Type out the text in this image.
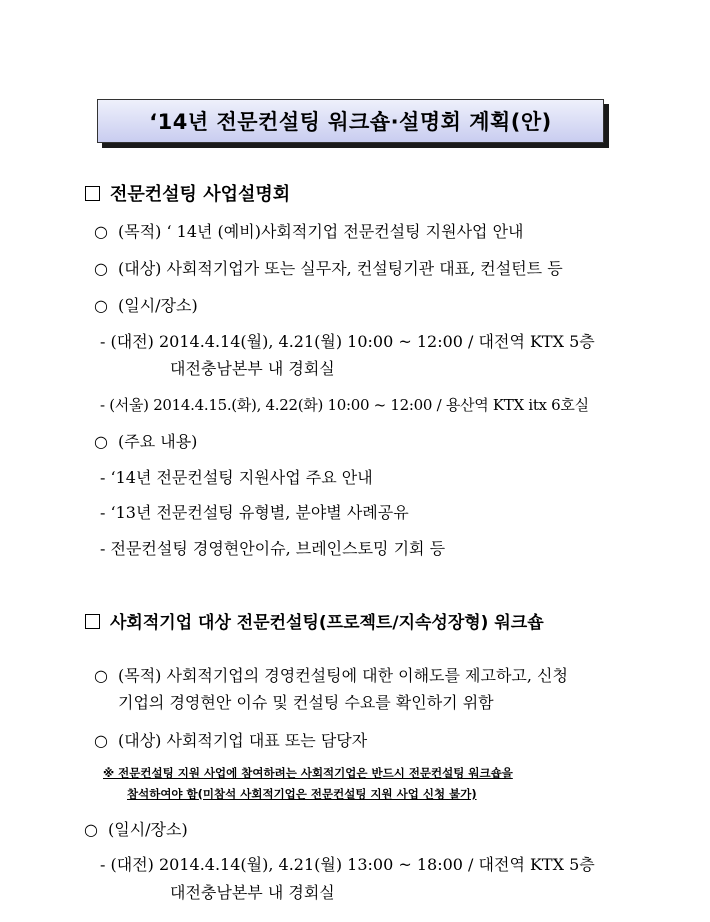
‘14년 전문컨설팅 워크숍·설명회 계획(안)
전문컨설팅 사업설명회
○ (목적) ‘ 14년 (예비)사회적기업 전문컨설팅 지원사업 안내
○ (대상) 사회적기업가 또는 실무자, 컨설팅기관 대표, 컨설턴트 등
○ (일시/장소)
- (대전) 2014.4.14(월), 4.21(월) 10:00 ~ 12:00 / 대전역 KTX 5층
대전충남본부 내 경회실
- (서울) 2014.4.15.(화), 4.22(화) 10:00 ~ 12:00 / 용산역 KTX itx 6호실
○ (주요 내용)
- ‘14년 전문컨설팅 지원사업 주요 안내
- ‘13년 전문컨설팅 유형별, 분야별 사례공유
- 전문컨설팅 경영현안이슈, 브레인스토밍 기회 등
사회적기업 대상 전문컨설팅(프로젝트/지속성장형) 워크숍
○ (목적) 사회적기업의 경영컨설팅에 대한 이해도를 제고하고, 신청
기업의 경영현안 이슈 및 컨설팅 수요를 확인하기 위함
○ (대상) 사회적기업 대표 또는 담당자
※ 전문컨설팅 지원 사업에 참여하려는 사회적기업은 반드시 전문컨설팅 워크숍을
참석하여야 함(미참석 사회적기업은 전문컨설팅 지원 사업 신청 불가)
○ (일시/장소)
- (대전) 2014.4.14(월), 4.21(월) 13:00 ~ 18:00 / 대전역 KTX 5층
대전충남본부 내 경회실
